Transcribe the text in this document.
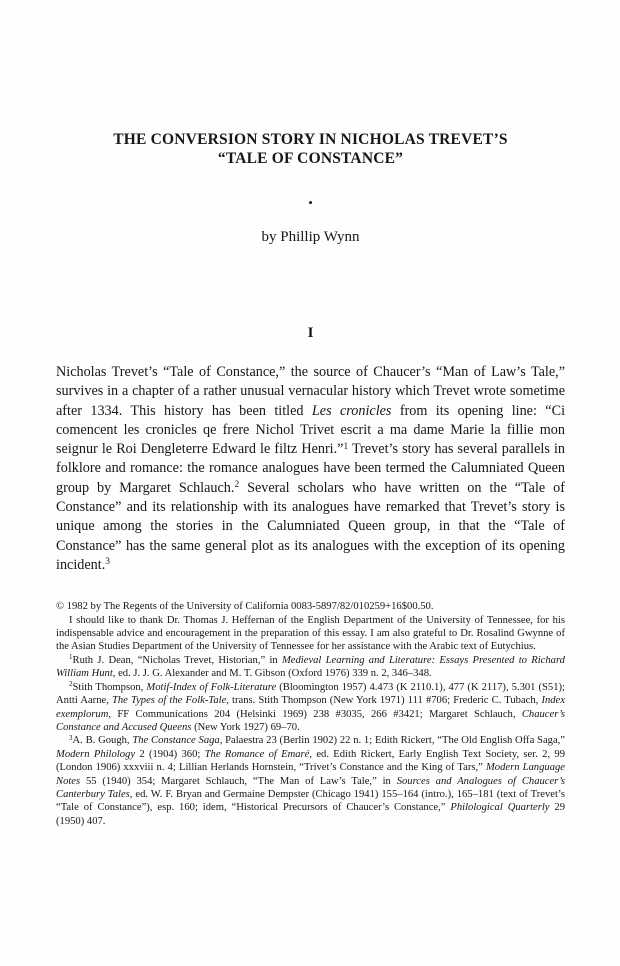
THE CONVERSION STORY IN NICHOLAS TREVET’S
“TALE OF CONSTANCE”
•
by Phillip Wynn
I

Nicholas Trevet’s “Tale of Constance,” the source of Chaucer’s “Man of Law’s Tale,” survives in a chapter of a rather unusual vernacular history which Trevet wrote sometime after 1334. This history has been titled Les cronicles from its opening line: “Ci comencent les cronicles qe frere Nichol Trivet escrit a ma dame Marie la fillie mon seignur le Roi Dengleterre Edward le filtz Henri.”$^1$ Trevet’s story has several parallels in folklore and romance: the romance analogues have been termed the Calumniated Queen group by Margaret Schlauch.$^2$ Several scholars who have written on the “Tale of Constance” and its relationship with its analogues have remarked that Trevet’s story is unique among the stories in the Calumniated Queen group, in that the “Tale of Constance” has the same general plot as its analogues with the exception of its opening incident.$^3$

© 1982 by The Regents of the University of California 0083-5897/82/010259+16$00.50.

I should like to thank Dr. Thomas J. Heffernan of the English Department of the University of Tennessee, for his indispensable advice and encouragement in the preparation of this essay. I am also grateful to Dr. Rosalind Gwynne of the Asian Studies Department of the University of Tennessee for her assistance with the Arabic text of Eutychius.

$^1$Ruth J. Dean, “Nicholas Trevet, Historian,” in Medieval Learning and Literature: Essays Presented to Richard William Hunt, ed. J. J. G. Alexander and M. T. Gibson (Oxford 1976) 339 n. 2, 346–348.

$^2$Stith Thompson, Motif-Index of Folk-Literature (Bloomington 1957) 4.473 (K 2110.1), 477 (K 2117), 5.301 (S51); Antti Aarne, The Types of the Folk-Tale, trans. Stith Thompson (New York 1971) 111 #706; Frederic C. Tubach, Index exemplorum, FF Communications 204 (Helsinki 1969) 238 #3035, 266 #3421; Margaret Schlauch, Chaucer’s Constance and Accused Queens (New York 1927) 69–70.

$^3$A. B. Gough, The Constance Saga, Palaestra 23 (Berlin 1902) 22 n. 1; Edith Rickert, “The Old English Offa Saga,” Modern Philology 2 (1904) 360; The Romance of Emaré, ed. Edith Rickert, Early English Text Society, ser. 2, 99 (London 1906) xxxviii n. 4; Lillian Herlands Hornstein, “Trivet’s Constance and the King of Tars,” Modern Language Notes 55 (1940) 354; Margaret Schlauch, “The Man of Law’s Tale,” in Sources and Analogues of Chaucer’s Canterbury Tales, ed. W. F. Bryan and Germaine Dempster (Chicago 1941) 155–164 (intro.), 165–181 (text of Trevet’s “Tale of Constance”), esp. 160; idem, “Historical Precursors of Chaucer’s Constance,” Philological Quarterly 29 (1950) 407.
